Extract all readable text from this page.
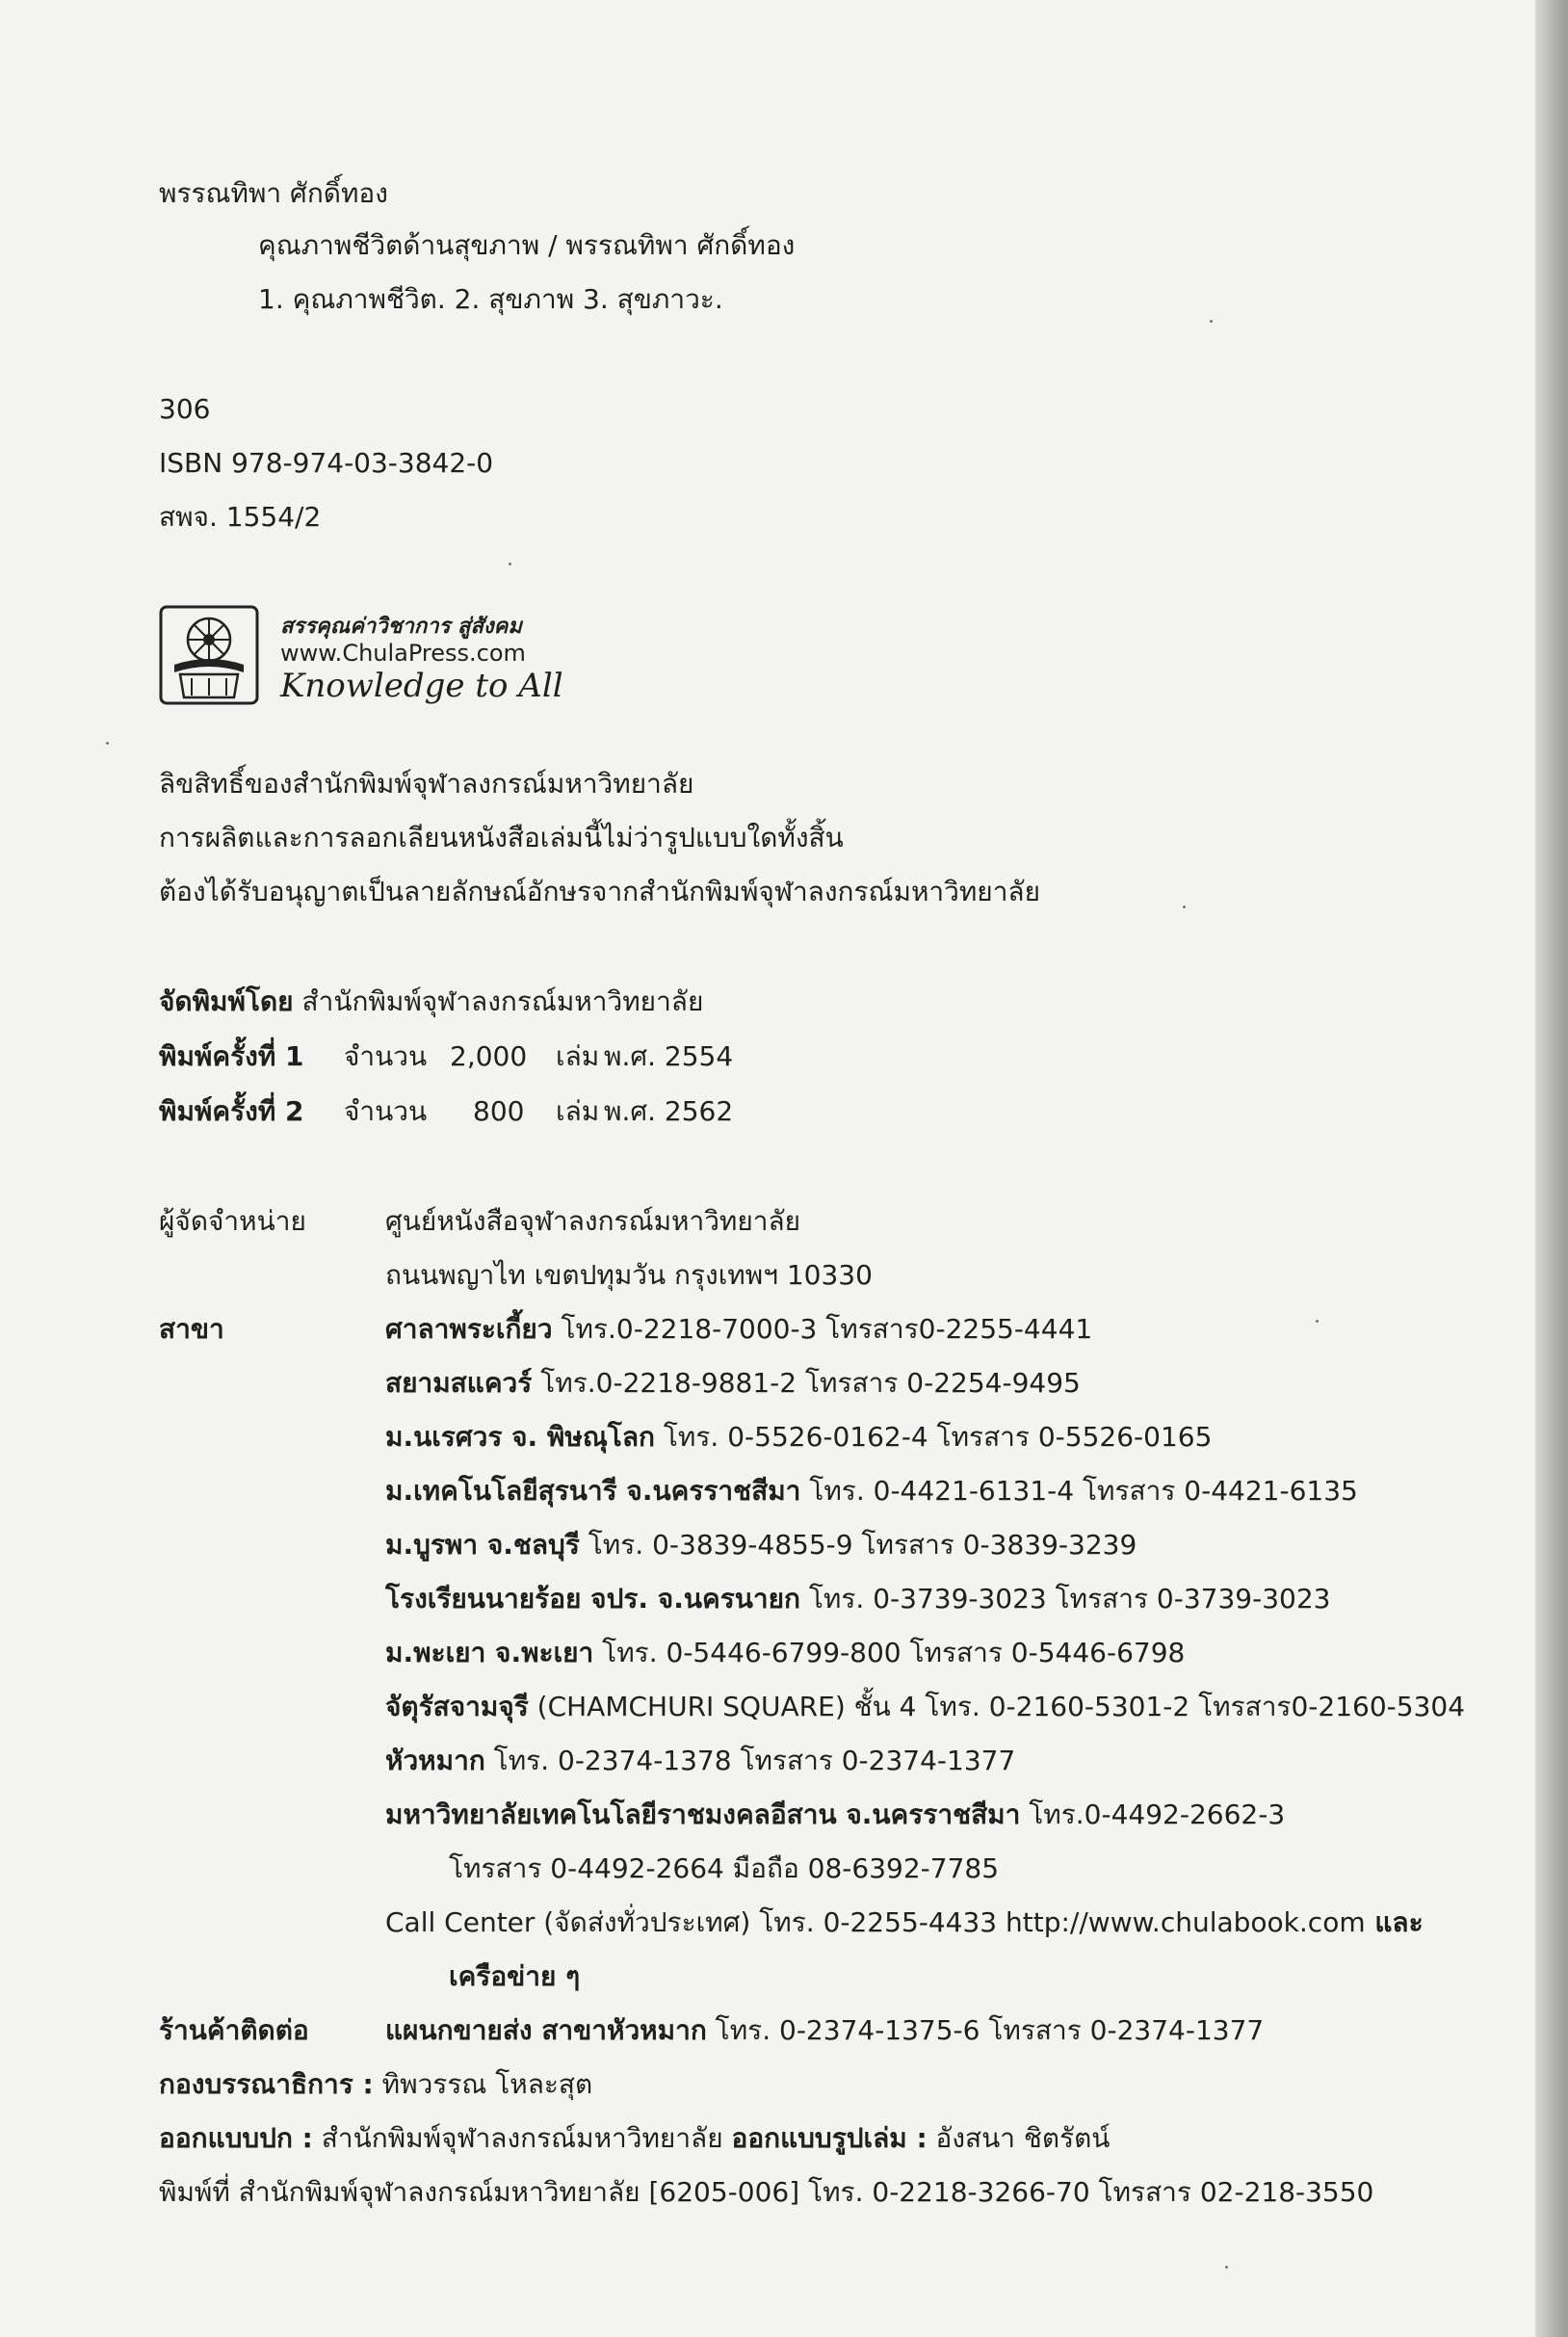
พรรณทิพา ศักดิ์ทอง
คุณภาพชีวิตด้านสุขภาพ / พรรณทิพา ศักดิ์ทอง
1. คุณภาพชีวิต. 2. สุขภาพ 3. สุขภาวะ.
306
ISBN 978-974-03-3842-0
สพจ. 1554/2
สรรคุณค่าวิชาการ สู่สังคม
www.ChulaPress.com
Knowledge to All
ลิขสิทธิ์ของสำนักพิมพ์จุฬาลงกรณ์มหาวิทยาลัย
การผลิตและการลอกเลียนหนังสือเล่มนี้ไม่ว่ารูปแบบใดทั้งสิ้น
ต้องได้รับอนุญาตเป็นลายลักษณ์อักษรจากสำนักพิมพ์จุฬาลงกรณ์มหาวิทยาลัย
จัดพิมพ์โดย สำนักพิมพ์จุฬาลงกรณ์มหาวิทยาลัย
พิมพ์ครั้งที่ 1 จำนวน 2,000 เล่ม พ.ศ. 2554
พิมพ์ครั้งที่ 2 จำนวน 800 เล่ม พ.ศ. 2562
ผู้จัดจำหน่าย	ศูนย์หนังสือจุฬาลงกรณ์มหาวิทยาลัย
ถนนพญาไท เขตปทุมวัน กรุงเทพฯ 10330
สาขา	ศาลาพระเกี้ยว โทร.0-2218-7000-3 โทรสาร0-2255-4441
สยามสแควร์ โทร.0-2218-9881-2 โทรสาร 0-2254-9495
ม.นเรศวร จ. พิษณุโลก โทร. 0-5526-0162-4 โทรสาร 0-5526-0165
ม.เทคโนโลยีสุรนารี จ.นครราชสีมา โทร. 0-4421-6131-4 โทรสาร 0-4421-6135
ม.บูรพา จ.ชลบุรี โทร. 0-3839-4855-9 โทรสาร 0-3839-3239
โรงเรียนนายร้อย จปร. จ.นครนายก โทร. 0-3739-3023 โทรสาร 0-3739-3023
ม.พะเยา จ.พะเยา โทร. 0-5446-6799-800 โทรสาร 0-5446-6798
จัตุรัสจามจุรี (CHAMCHURI SQUARE) ชั้น 4 โทร. 0-2160-5301-2 โทรสาร0-2160-5304
หัวหมาก โทร. 0-2374-1378 โทรสาร 0-2374-1377
มหาวิทยาลัยเทคโนโลยีราชมงคลอีสาน จ.นครราชสีมา โทร.0-4492-2662-3
โทรสาร 0-4492-2664 มือถือ 08-6392-7785
Call Center (จัดส่งทั่วประเทศ) โทร. 0-2255-4433 http://www.chulabook.com และ
เครือข่าย ๆ
ร้านค้าติดต่อ	แผนกขายส่ง สาขาหัวหมาก โทร. 0-2374-1375-6 โทรสาร 0-2374-1377
กองบรรณาธิการ : ทิพวรรณ โหละสุต
ออกแบบปก : สำนักพิมพ์จุฬาลงกรณ์มหาวิทยาลัย ออกแบบรูปเล่ม : อังสนา ชิตรัตน์
พิมพ์ที่ สำนักพิมพ์จุฬาลงกรณ์มหาวิทยาลัย [6205-006] โทร. 0-2218-3266-70 โทรสาร 02-218-3550
